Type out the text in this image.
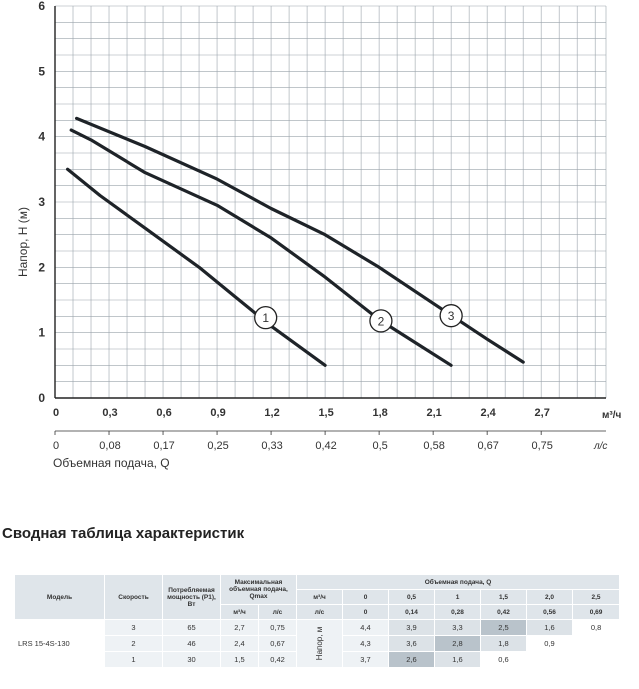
0
1
2
3
4
5
6
0	0,3	0,6	0,9	1,2	1,5	1,8	2,1	2,4	2,7
0	0,08	0,17	0,25	0,33	0,42	0,5	0,58	0,67	0,75
м³/ч
л/с
Объемная подача, Q
Напор, H (м)
1	2	3
Сводная таблица характеристик
Модель	Скорость	Потребляемая мощность (P1), Вт	Максимальная объемная подача, Qmax		Объемная подача, Q						
					м³/ч	0	0,5	1	1,5	2,0	2,5
			м³/ч	л/с	л/с	0	0,14	0,28	0,42	0,56	0,69
LRS 15-4S-130	3	65	2,7	0,75	Напор, м	4,4	3,9	3,3	2,5	1,6	0,8
	2	46	2,4	0,67		4,3	3,6	2,8	1,8	0,9	
	1	30	1,5	0,42		3,7	2,6	1,6	0,6		
